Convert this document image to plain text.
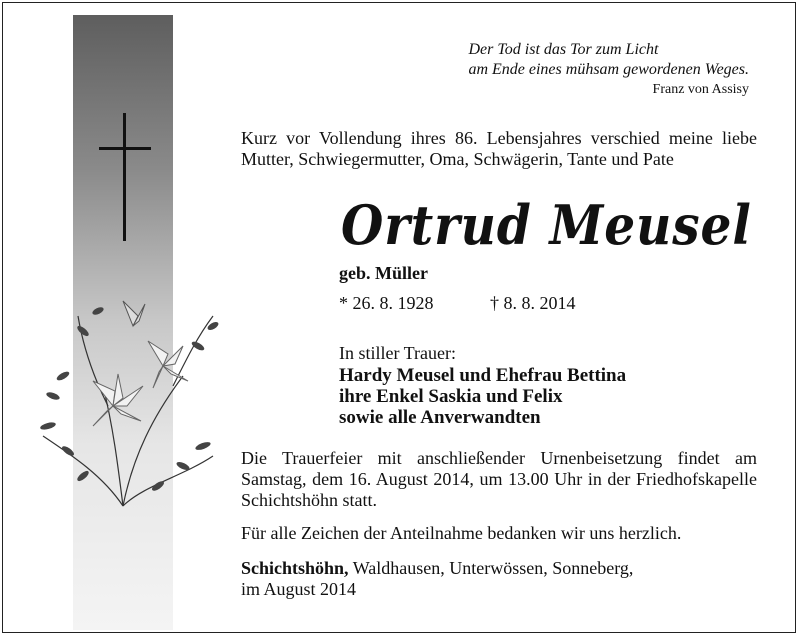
Der Tod ist das Tor zum Licht
am Ende eines mühsam gewordenen Weges.
Franz von Assisy
Kurz vor Vollendung ihres 86. Lebensjahres verschied meine liebe Mutter, Schwiegermutter, Oma, Schwägerin, Tante und Pate
Ortrud Meusel
geb. Müller
* 26. 8. 1928	† 8. 8. 2014
In stiller Trauer:
Hardy Meusel und Ehefrau Bettina
ihre Enkel Saskia und Felix
sowie alle Anverwandten
Die Trauerfeier mit anschließender Urnenbeisetzung findet am Samstag, dem 16. August 2014, um 13.00 Uhr in der Friedhofskapelle Schichtshöhn statt.
Für alle Zeichen der Anteilnahme bedanken wir uns herzlich.
Schichtshöhn, Waldhausen, Unterwössen, Sonneberg,
im August 2014
